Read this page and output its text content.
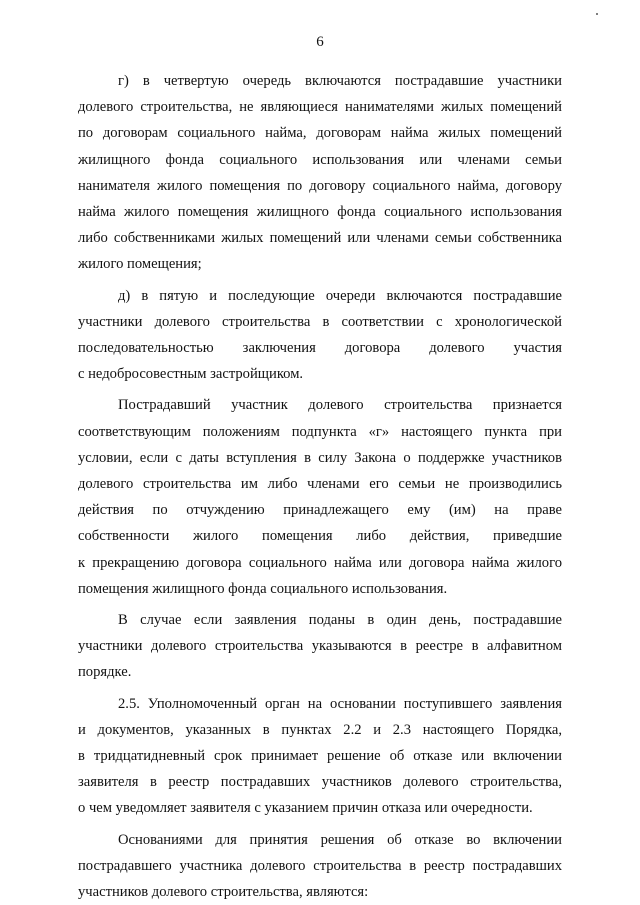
6
г) в четвертую очередь включаются пострадавшие участники
долевого строительства, не являющиеся нанимателями жилых помещений
по договорам социального найма, договорам найма жилых помещений
жилищного фонда социального использования или членами семьи
нанимателя жилого помещения по договору социального найма, договору
найма жилого помещения жилищного фонда социального использования
либо собственниками жилых помещений или членами семьи собственника
жилого помещения;
д) в пятую и последующие очереди включаются пострадавшие
участники долевого строительства в соответствии с хронологической
последовательностью заключения договора долевого участия
с недобросовестным застройщиком.
Пострадавший участник долевого строительства признается
соответствующим положениям подпункта «г» настоящего пункта при
условии, если с даты вступления в силу Закона о поддержке участников
долевого строительства им либо членами его семьи не производились
действия по отчуждению принадлежащего ему (им) на праве
собственности жилого помещения либо действия, приведшие
к прекращению договора социального найма или договора найма жилого
помещения жилищного фонда социального использования.
В случае если заявления поданы в один день, пострадавшие
участники долевого строительства указываются в реестре в алфавитном
порядке.
2.5. Уполномоченный орган на основании поступившего заявления
и документов, указанных в пунктах 2.2 и 2.3 настоящего Порядка,
в тридцатидневный срок принимает решение об отказе или включении
заявителя в реестр пострадавших участников долевого строительства,
о чем уведомляет заявителя с указанием причин отказа или очередности.
Основаниями для принятия решения об отказе во включении
пострадавшего участника долевого строительства в реестр пострадавших
участников долевого строительства, являются:
